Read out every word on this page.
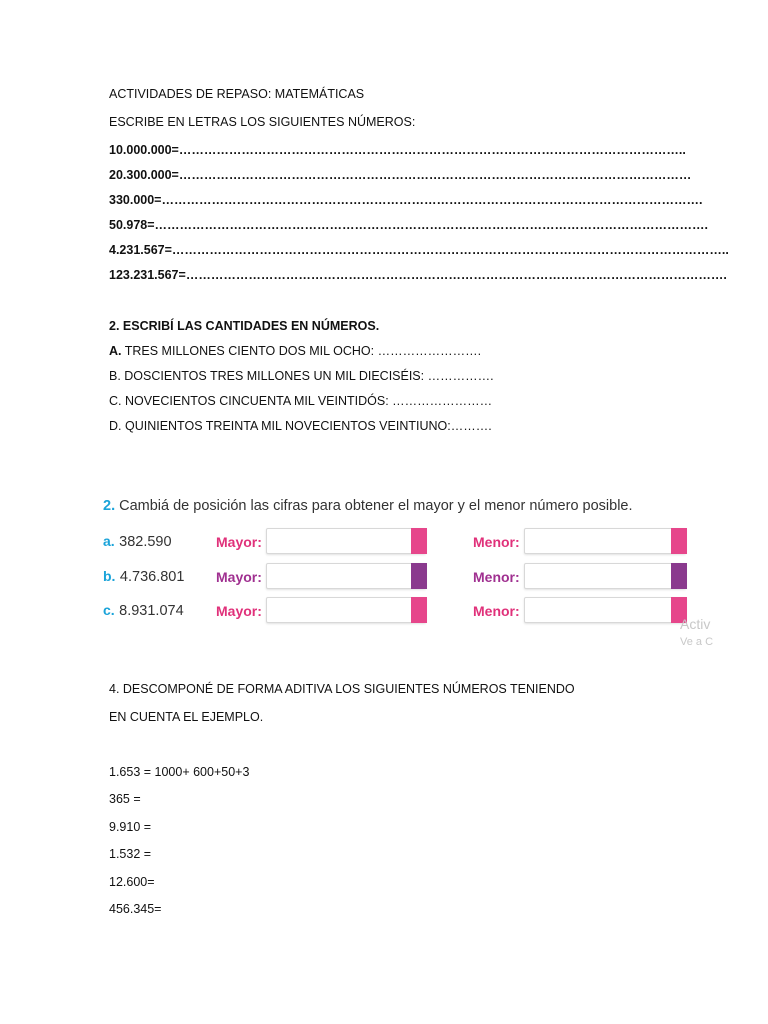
ACTIVIDADES DE REPASO: MATEMÁTICAS
ESCRIBE EN LETRAS LOS SIGUIENTES NÚMEROS:
10.000.000=…………………………………………………………………………………………………………..
20.300.000=……………………………………………………………………………………………………………
330.000=………………………………………………………………………………………………………………….
50.978=…………………………………………………………………………………………………………………….
4.231.567=……………………………………………………………………………………………………………………..
123.231.567=………………………………………………………………………………………………………………….
2. ESCRIBÍ LAS CANTIDADES EN NÚMEROS.
A. TRES MILLONES CIENTO DOS MIL OCHO: …………………….
B. DOSCIENTOS TRES MILLONES UN MIL DIECISÉIS: …………….
C. NOVECIENTOS CINCUENTA MIL VEINTIDÓS: ……………………
D. QUINIENTOS TREINTA MIL NOVECIENTOS VEINTIUNO:……….
2. Cambiá de posición las cifras para obtener el mayor y el menor número posible.
a. 382.590	Mayor:	Menor:
b. 4.736.801 Mayor:	Menor:
c. 8.931.074 Mayor:	Menor:
Activ
Ve a C
4. DESCOMPONÉ DE FORMA ADITIVA LOS SIGUIENTES NÚMEROS TENIENDO
EN CUENTA EL EJEMPLO.
1.653 = 1000+ 600+50+3
365 =
9.910 =
1.532 =
12.600=
456.345=
